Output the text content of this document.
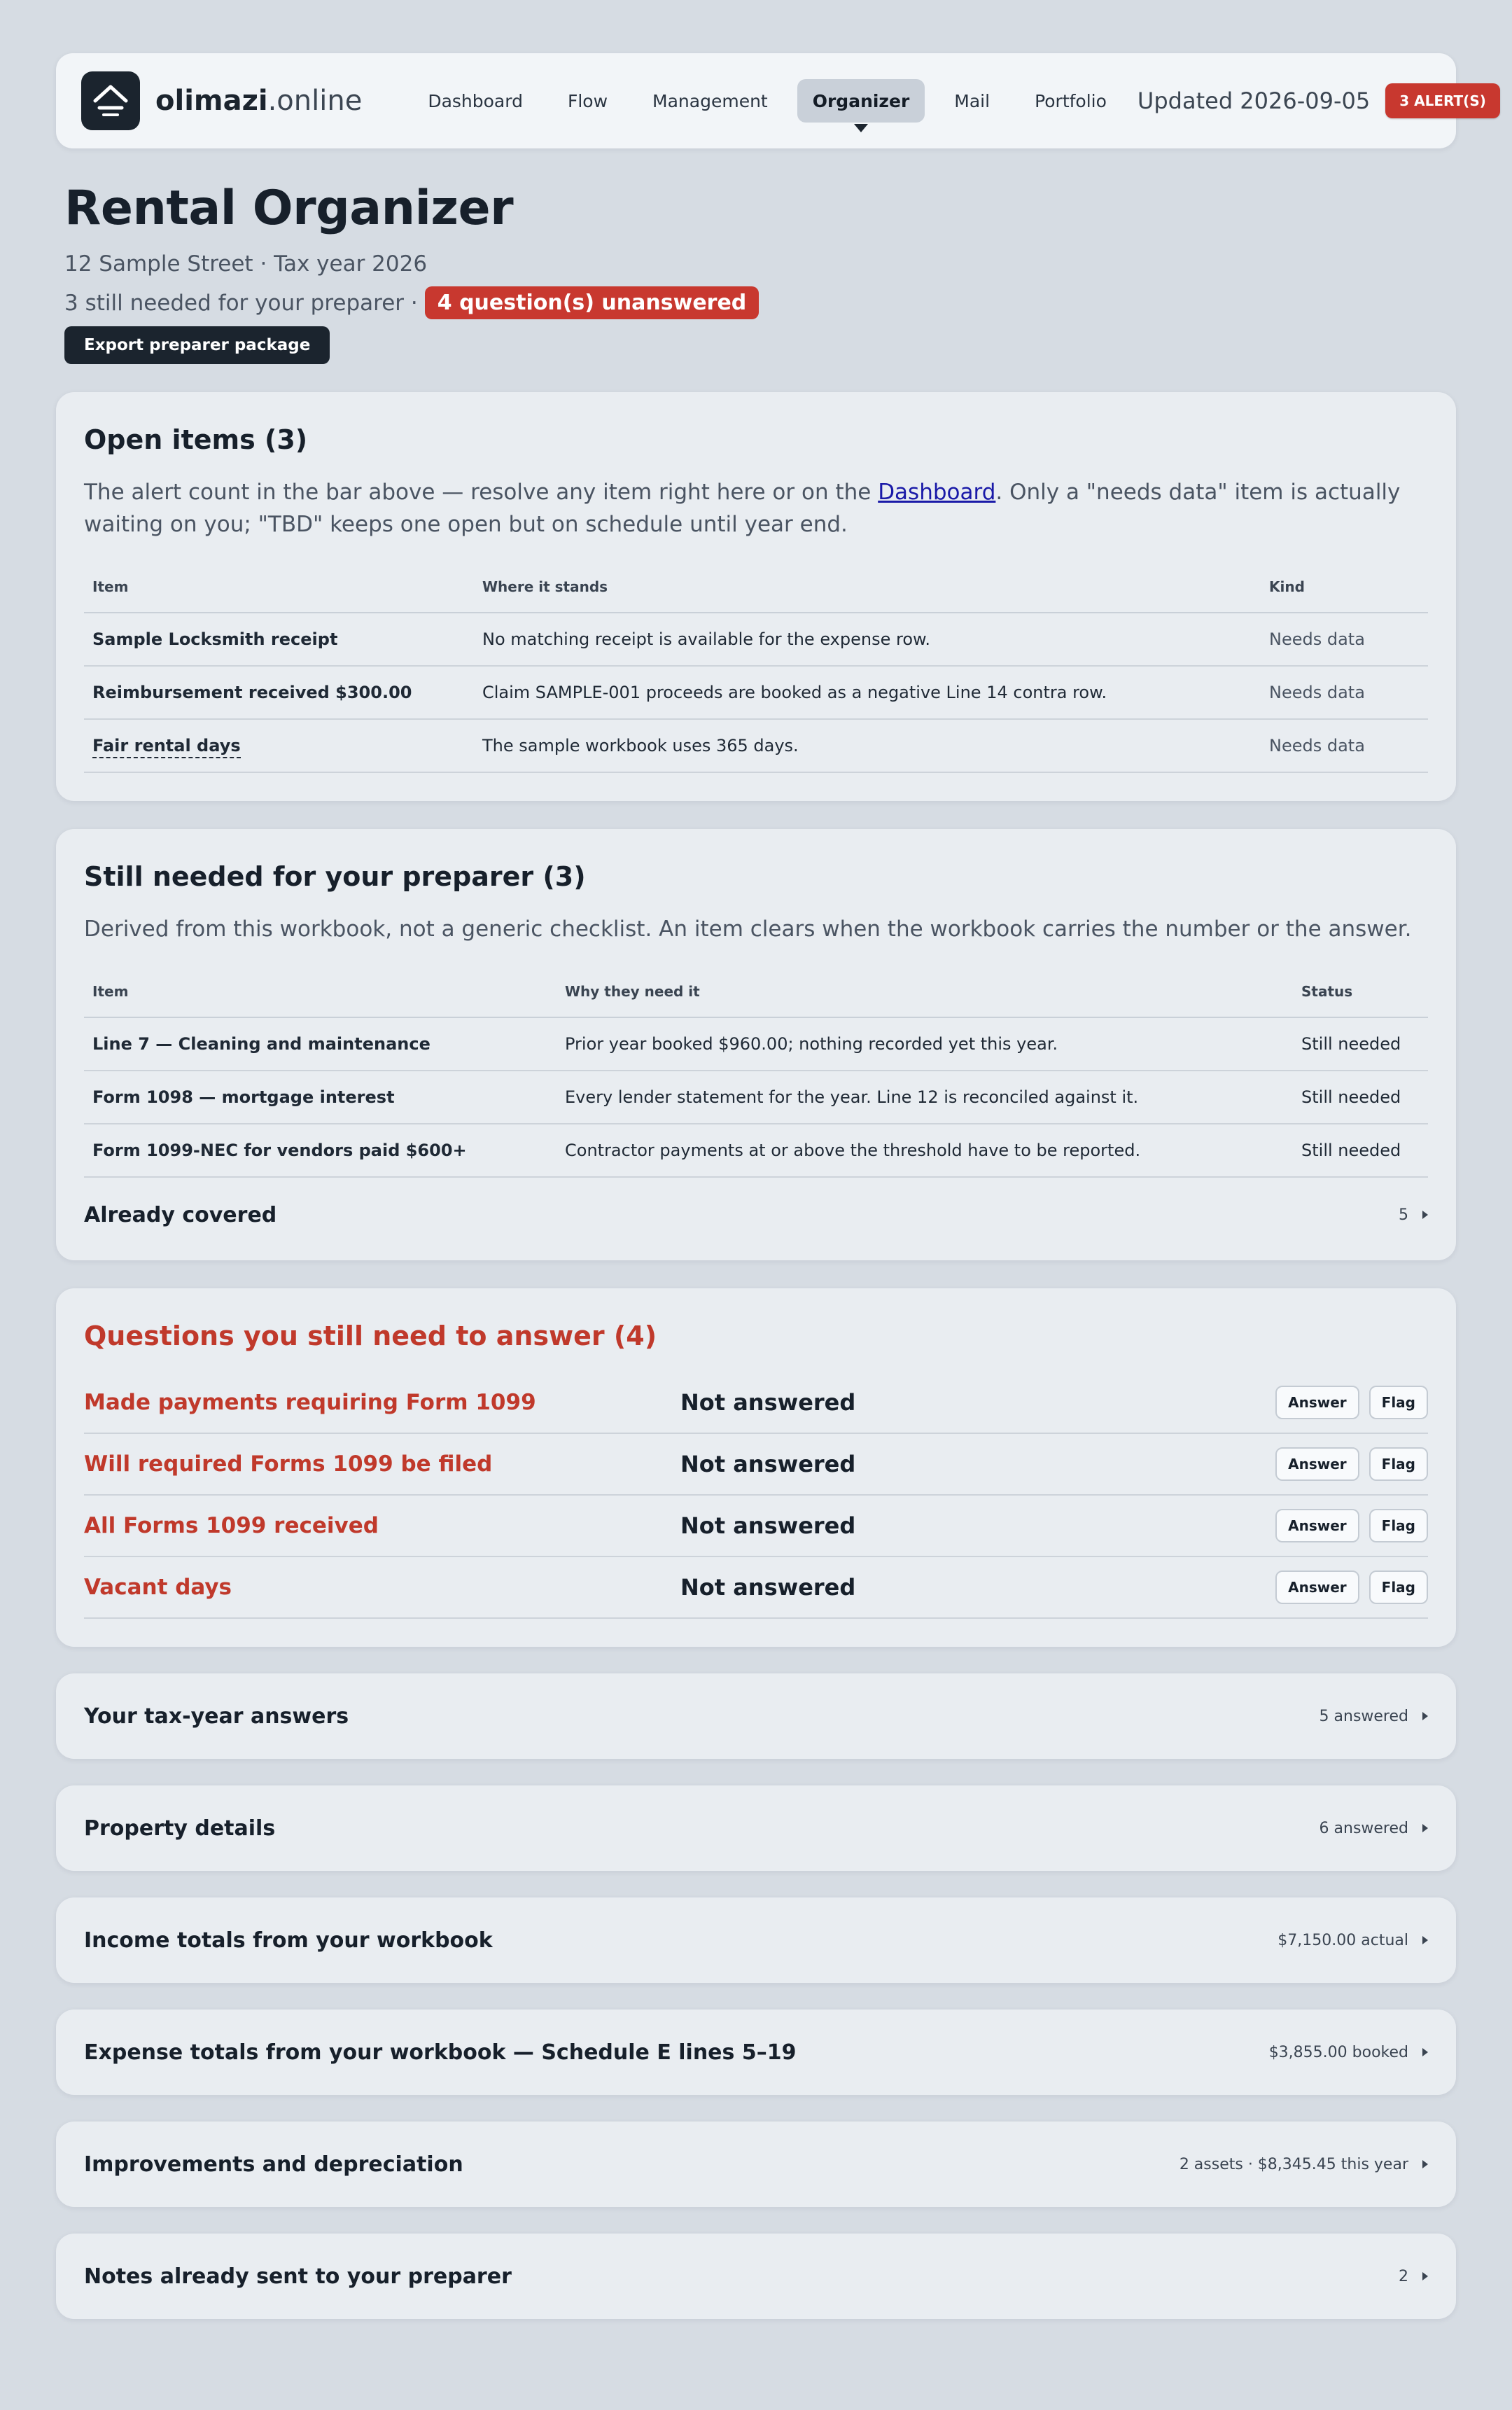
olimazi.online	Dashboard	Flow	Management	Organizer	Mail	Portfolio	Updated 2026-09-05	3 ALERT(S)
Rental Organizer
12 Sample Street · Tax year 2026
3 still needed for your preparer · 4 question(s) unanswered
Export preparer package
Open items (3)
The alert count in the bar above — resolve any item right here or on the Dashboard. Only a "needs data" item is actually waiting on you; "TBD" keeps one open but on schedule until year end.
Item	Where it stands	Kind
Sample Locksmith receipt	No matching receipt is available for the expense row.	Needs data
Reimbursement received $300.00	Claim SAMPLE-001 proceeds are booked as a negative Line 14 contra row.	Needs data
Fair rental days	The sample workbook uses 365 days.	Needs data
Still needed for your preparer (3)
Derived from this workbook, not a generic checklist. An item clears when the workbook carries the number or the answer.
Item	Why they need it	Status
Line 7 — Cleaning and maintenance	Prior year booked $960.00; nothing recorded yet this year.	Still needed
Form 1098 — mortgage interest	Every lender statement for the year. Line 12 is reconciled against it.	Still needed
Form 1099-NEC for vendors paid $600+	Contractor payments at or above the threshold have to be reported.	Still needed
Already covered	5
Questions you still need to answer (4)
Made payments requiring Form 1099	Not answered	Answer	Flag
Will required Forms 1099 be filed	Not answered	Answer	Flag
All Forms 1099 received	Not answered	Answer	Flag
Vacant days	Not answered	Answer	Flag
Your tax-year answers	5 answered
Property details	6 answered
Income totals from your workbook	$7,150.00 actual
Expense totals from your workbook — Schedule E lines 5–19	$3,855.00 booked
Improvements and depreciation	2 assets · $8,345.45 this year
Notes already sent to your preparer	2
